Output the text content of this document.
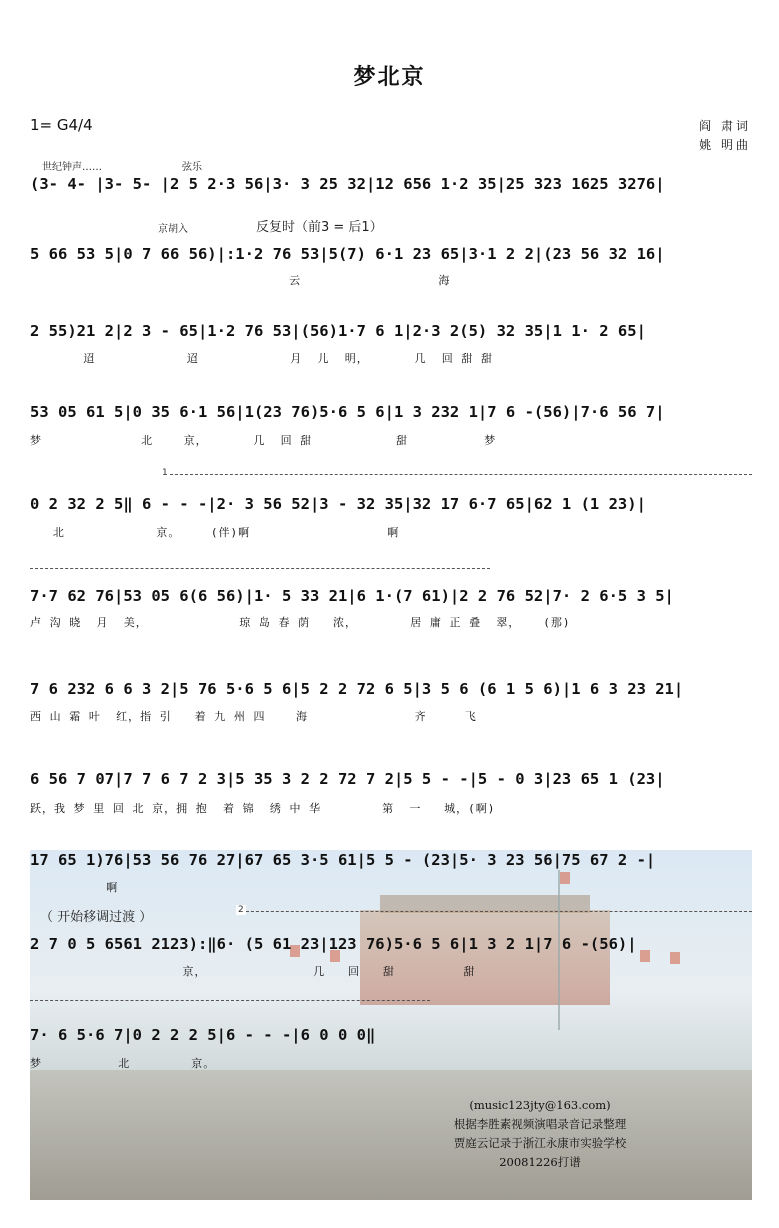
梦北京
1= G4/4	阎 肃词
姚 明曲
世纪钟声……	弦乐
京胡入	反复时（前3 = 后1）
（ 开始移调过渡 ）
1
2
(3- 4- |3- 5- |2 5 2·3 56|3· 3 25 32|12 656 1·2 35|25 323 1625 3276|
5 66 53 5|0 7 66 56)|:1·2 76 53|5(7) 6·1 23 65|3·1 2 2|(23 56 32 16|
云                  海
2 55)21 2|2 3 - 65|1·2 76 53|(56)1·7 6 1|2·3 2(5) 32 35|1 1· 2 65|
迢            迢            月  儿  明，      几  回 甜 甜
53 05 61 5|0 35 6·1 56|1(23 76)5·6 5 6|1 3 232 1|7 6 -(56)|7·6 56 7|
梦             北    京，      几  回 甜           甜          梦
0 2 32 2 5‖ 6 - - -|2· 3 56 52|3 - 32 35|32 17 6·7 65|62 1 (1 23)|
北            京。    (伴)啊                  啊
7·7 62 76|53 05 6(6 56)|1· 5 33 21|6 1·(7 61)|2 2 76 52|7· 2 6·5 3 5|
卢 沟 晓  月  美，            琼 岛 春 荫   浓，       居 庸 正 叠  翠，   (那)
7 6 232 6 6 3 2|5 76 5·6 5 6|5 2 2 72 6 5|3 5 6 (6 1 5 6)|1 6 3 23 21|
西 山 霜 叶  红，指 引   着 九 州 四    海              齐     飞
6 56 7 07|7 7 6 7 2 3|5 35 3 2 2 72 7 2|5 5 - -|5 - 0 3|23 65 1 (23|
跃，我 梦 里 回 北 京，拥 抱  着 锦  绣 中 华        第  一   城，(啊)
17 65 1)76|53 56 76 27|67 65 3·5 61|5 5 - (23|5· 3 23 56|75 67 2 -|
啊
2 7 0 5 6561 2123):‖6· (5 61 23|123 76)5·6 5 6|1 3 2 1|7 6 -(56)|
京，              几   回   甜         甜
7· 6 5·6 7|0 2 2 2 5|6 - - -|6 0 0 0‖
梦          北        京。
(music123jty@163.com)
根据李胜素视频演唱录音记录整理
贾庭云记录于浙江永康市实验学校
20081226打谱
